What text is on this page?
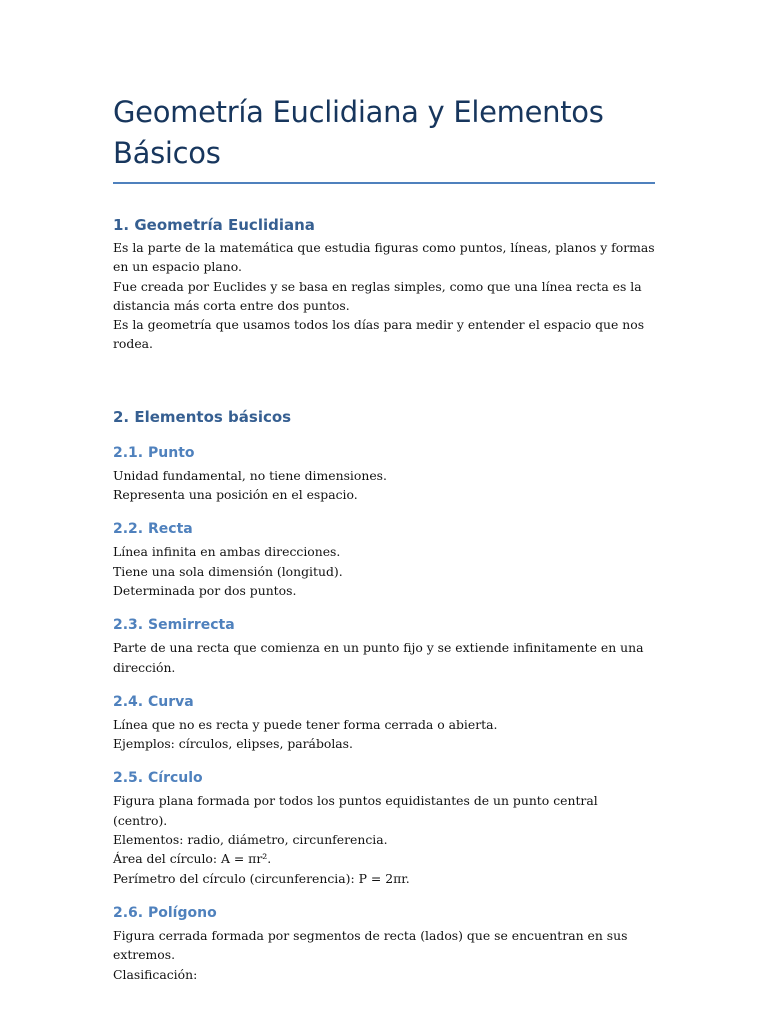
Geometría Euclidiana y Elementos Básicos
1. Geometría Euclidiana

Es la parte de la matemática que estudia figuras como puntos, líneas, planos y formas en un espacio plano.

Fue creada por Euclides y se basa en reglas simples, como que una línea recta es la distancia más corta entre dos puntos.

Es la geometría que usamos todos los días para medir y entender el espacio que nos rodea.

2. Elementos básicos
2.1. Punto

Unidad fundamental, no tiene dimensiones.

Representa una posición en el espacio.

2.2. Recta

Línea infinita en ambas direcciones.

Tiene una sola dimensión (longitud).

Determinada por dos puntos.

2.3. Semirrecta

Parte de una recta que comienza en un punto fijo y se extiende infinitamente en una dirección.

2.4. Curva

Línea que no es recta y puede tener forma cerrada o abierta.

Ejemplos: círculos, elipses, parábolas.

2.5. Círculo

Figura plana formada por todos los puntos equidistantes de un punto central (centro).

Elementos: radio, diámetro, circunferencia.

Área del círculo: A = πr².

Perímetro del círculo (circunferencia): P = 2πr.

2.6. Polígono

Figura cerrada formada por segmentos de recta (lados) que se encuentran en sus extremos.

Clasificación:
